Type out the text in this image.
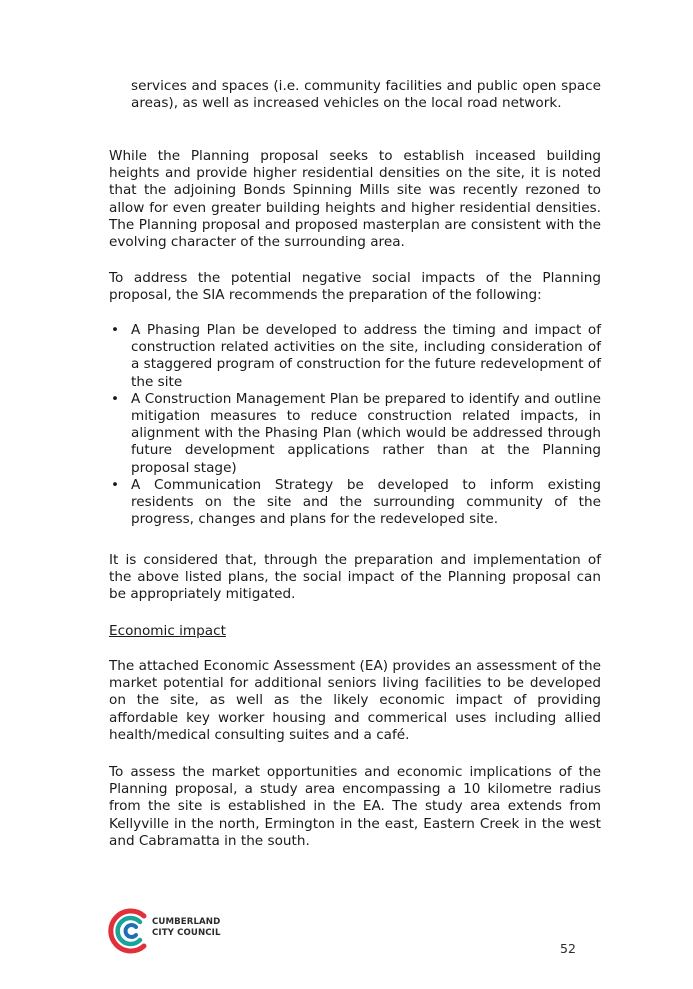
services and spaces (i.e. community facilities and public open space areas), as well as increased vehicles on the local road network.

While the Planning proposal seeks to establish inceased building heights and provide higher residential densities on the site, it is noted that the adjoining Bonds Spinning Mills site was recently rezoned to allow for even greater building heights and higher residential densities. The Planning proposal and proposed masterplan are consistent with the evolving character of the surrounding area.

To address the potential negative social impacts of the Planning proposal, the SIA recommends the preparation of the following:

• A Phasing Plan be developed to address the timing and impact of construction related activities on the site, including consideration of a staggered program of construction for the future redevelopment of the site
• A Construction Management Plan be prepared to identify and outline mitigation measures to reduce construction related impacts, in alignment with the Phasing Plan (which would be addressed through future development applications rather than at the Planning proposal stage)
• A Communication Strategy be developed to inform existing residents on the site and the surrounding community of the progress, changes and plans for the redeveloped site.

It is considered that, through the preparation and implementation of the above listed plans, the social impact of the Planning proposal can be appropriately mitigated.

Economic impact

The attached Economic Assessment (EA) provides an assessment of the market potential for additional seniors living facilities to be developed on the site, as well as the likely economic impact of providing affordable key worker housing and commerical uses including allied health/medical consulting suites and a café.

To assess the market opportunities and economic implications of the Planning proposal, a study area encompassing a 10 kilometre radius from the site is established in the EA. The study area extends from Kellyville in the north, Ermington in the east, Eastern Creek in the west and Cabramatta in the south.

CUMBERLAND
CITY COUNCIL
52
